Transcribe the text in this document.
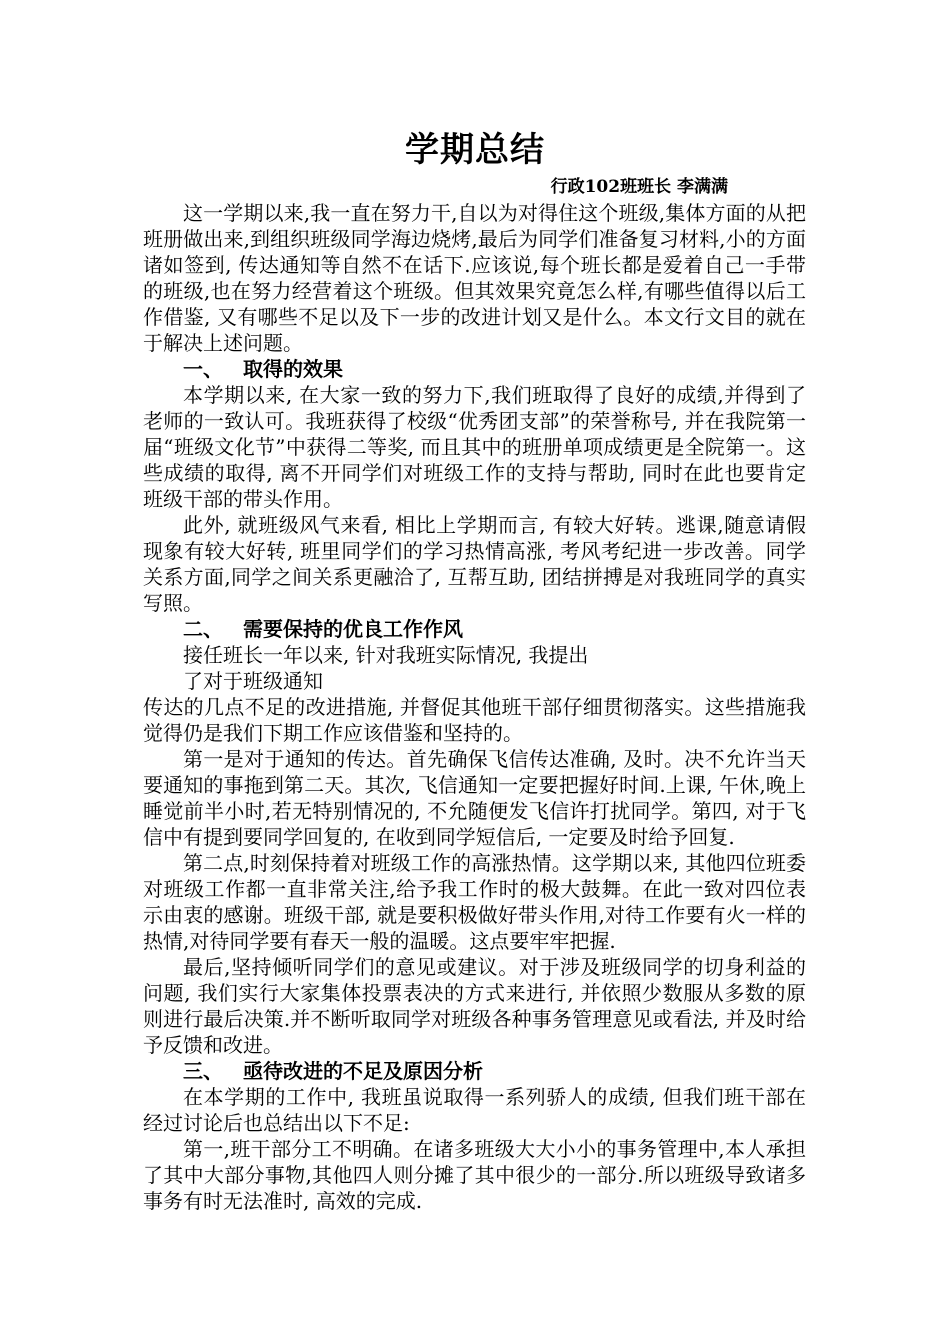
学期总结
行政102班班长 李满满

这一学期以来,我一直在努力干,自以为对得住这个班级,集体方面的从把班册做出来,到组织班级同学海边烧烤,最后为同学们准备复习材料,小的方面诸如签到, 传达通知等自然不在话下.应该说,每个班长都是爱着自己一手带的班级,也在努力经营着这个班级。但其效果究竟怎么样,有哪些值得以后工作借鉴, 又有哪些不足以及下一步的改进计划又是什么。本文行文目的就在于解决上述问题。

一、 取得的效果

本学期以来, 在大家一致的努力下,我们班取得了良好的成绩,并得到了老师的一致认可。我班获得了校级“优秀团支部”的荣誉称号, 并在我院第一届“班级文化节”中获得二等奖, 而且其中的班册单项成绩更是全院第一。这些成绩的取得, 离不开同学们对班级工作的支持与帮助, 同时在此也要肯定班级干部的带头作用。

此外, 就班级风气来看, 相比上学期而言, 有较大好转。逃课,随意请假现象有较大好转, 班里同学们的学习热情高涨, 考风考纪进一步改善。同学关系方面,同学之间关系更融洽了, 互帮互助, 团结拼搏是对我班同学的真实写照。

二、 需要保持的优良工作作风

接任班长一年以来, 针对我班实际情况, 我提出了对于班级通知

传达的几点不足的改进措施, 并督促其他班干部仔细贯彻落实。这些措施我觉得仍是我们下期工作应该借鉴和坚持的。

第一是对于通知的传达。首先确保飞信传达准确, 及时。决不允许当天要通知的事拖到第二天。其次, 飞信通知一定要把握好时间.上课, 午休,晚上睡觉前半小时,若无特别情况的, 不允随便发飞信许打扰同学。第四, 对于飞信中有提到要同学回复的, 在收到同学短信后, 一定要及时给予回复.

第二点,时刻保持着对班级工作的高涨热情。这学期以来, 其他四位班委对班级工作都一直非常关注,给予我工作时的极大鼓舞。在此一致对四位表示由衷的感谢。班级干部, 就是要积极做好带头作用,对待工作要有火一样的热情,对待同学要有春天一般的温暖。这点要牢牢把握.

最后,坚持倾听同学们的意见或建议。对于涉及班级同学的切身利益的问题, 我们实行大家集体投票表决的方式来进行, 并依照少数服从多数的原则进行最后决策.并不断听取同学对班级各种事务管理意见或看法, 并及时给予反馈和改进。

三、 亟待改进的不足及原因分析

在本学期的工作中, 我班虽说取得一系列骄人的成绩, 但我们班干部在经过讨论后也总结出以下不足:

第一,班干部分工不明确。在诸多班级大大小小的事务管理中,本人承担了其中大部分事物,其他四人则分摊了其中很少的一部分.所以班级导致诸多事务有时无法准时, 高效的完成.
